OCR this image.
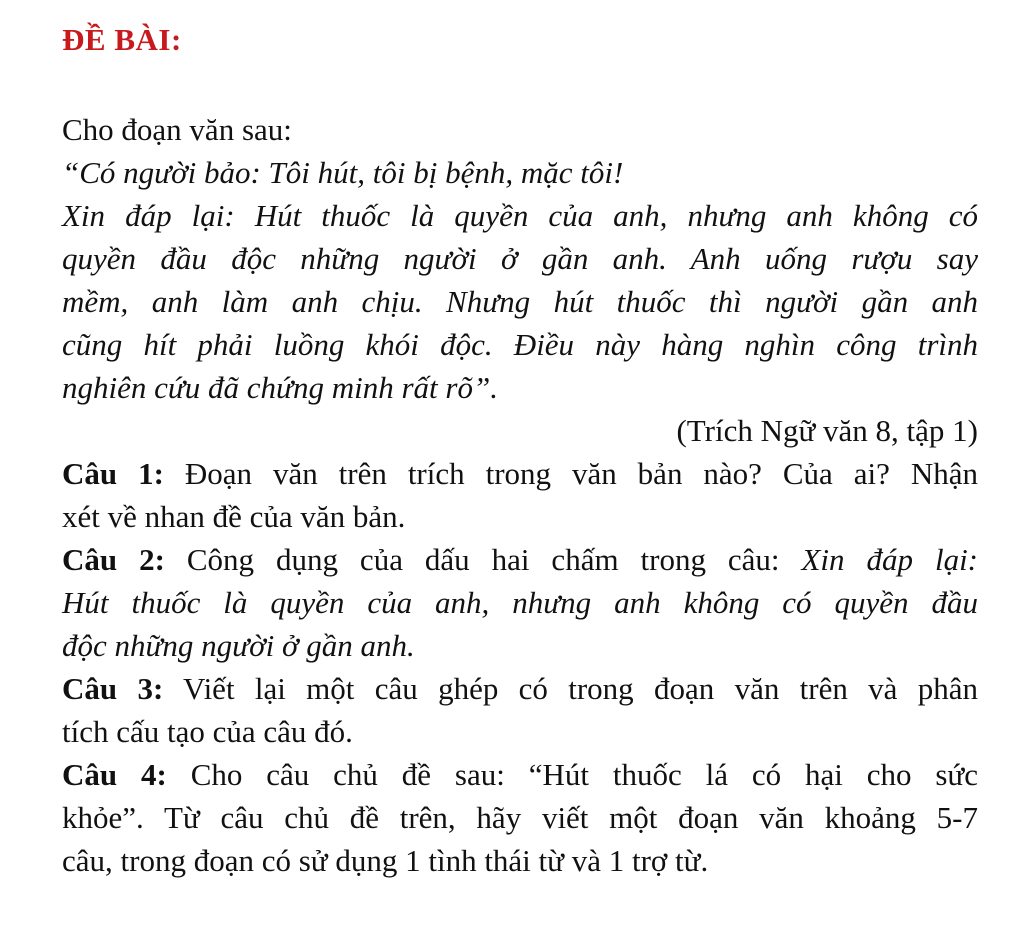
ĐỀ BÀI:

Cho đoạn văn sau:

“Có người bảo: Tôi hút, tôi bị bệnh, mặc tôi!

Xin đáp lại: Hút thuốc là quyền của anh, nhưng anh không có

quyền đầu độc những người ở gần anh. Anh uống rượu say

mềm, anh làm anh chịu. Nhưng hút thuốc thì người gần anh

cũng hít phải luồng khói độc. Điều này hàng nghìn công trình

nghiên cứu đã chứng minh rất rõ”.

(Trích Ngữ văn 8, tập 1)

Câu 1: Đoạn văn trên trích trong văn bản nào? Của ai? Nhận

xét về nhan đề của văn bản.

Câu 2: Công dụng của dấu hai chấm trong câu: Xin đáp lại:

Hút thuốc là quyền của anh, nhưng anh không có quyền đầu

độc những người ở gần anh.

Câu 3: Viết lại một câu ghép có trong đoạn văn trên và phân

tích cấu tạo của câu đó.

Câu 4: Cho câu chủ đề sau: “Hút thuốc lá có hại cho sức

khỏe”. Từ câu chủ đề trên, hãy viết một đoạn văn khoảng 5-7

câu, trong đoạn có sử dụng 1 tình thái từ và 1 trợ từ.
